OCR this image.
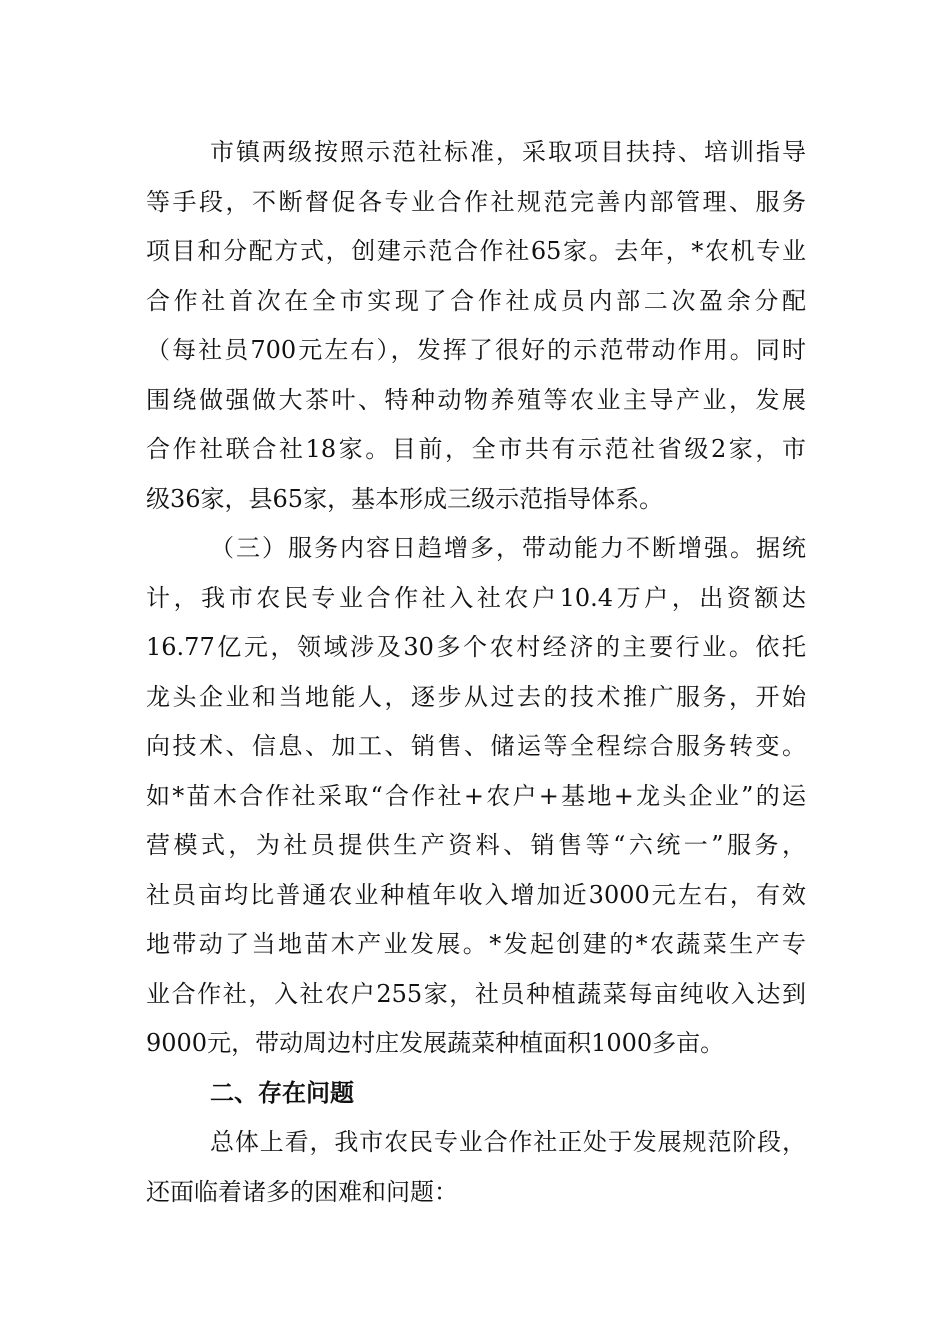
市镇两级按照示范社标准，采取项目扶持、培训指导
等手段，不断督促各专业合作社规范完善内部管理、服务
项目和分配方式，创建示范合作社65家。去年，*农机专业
合作社首次在全市实现了合作社成员内部二次盈余分配
（每社员700元左右），发挥了很好的示范带动作用。同时
围绕做强做大茶叶、特种动物养殖等农业主导产业，发展
合作社联合社18家。目前，全市共有示范社省级2家，市
级36家，县65家，基本形成三级示范指导体系。
（三）服务内容日趋增多，带动能力不断增强。据统
计，我市农民专业合作社入社农户10.4万户，出资额达
16.77亿元，领域涉及30多个农村经济的主要行业。依托
龙头企业和当地能人，逐步从过去的技术推广服务，开始
向技术、信息、加工、销售、储运等全程综合服务转变。
如*苗木合作社采取“合作社+农户+基地+龙头企业”的运
营模式，为社员提供生产资料、销售等“六统一”服务，
社员亩均比普通农业种植年收入增加近3000元左右，有效
地带动了当地苗木产业发展。*发起创建的*农蔬菜生产专
业合作社，入社农户255家，社员种植蔬菜每亩纯收入达到
9000元，带动周边村庄发展蔬菜种植面积1000多亩。
二、存在问题
总体上看，我市农民专业合作社正处于发展规范阶段，
还面临着诸多的困难和问题：
